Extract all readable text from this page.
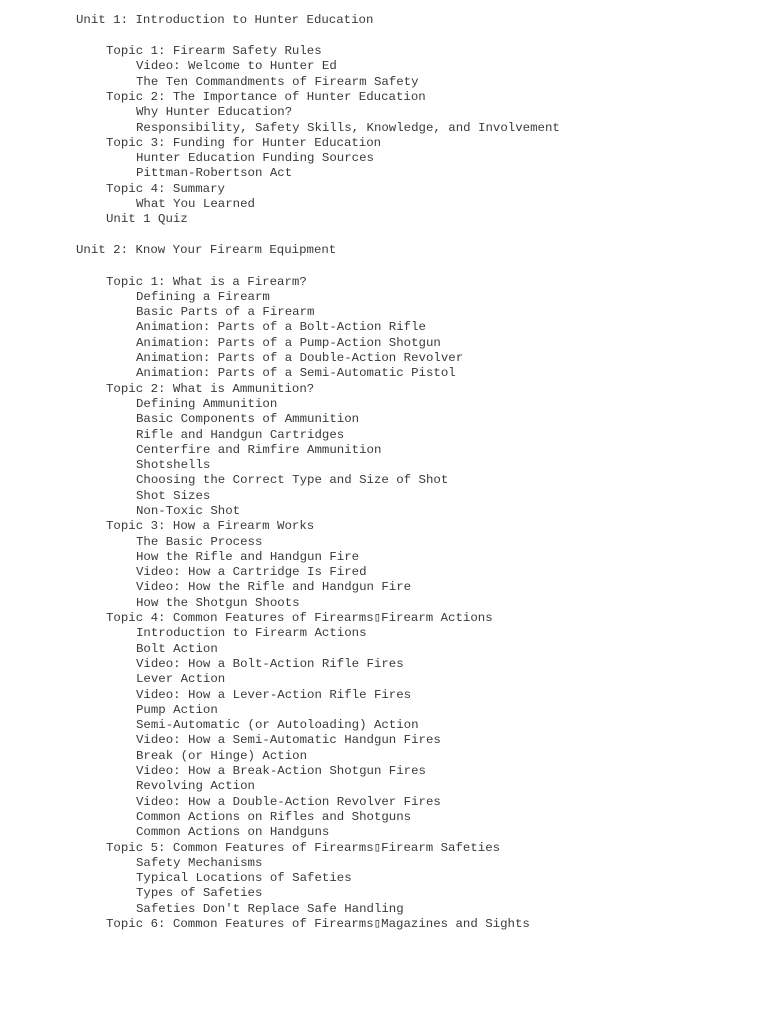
Unit 1: Introduction to Hunter Education
Topic 1: Firearm Safety Rules
Video: Welcome to Hunter Ed
The Ten Commandments of Firearm Safety
Topic 2: The Importance of Hunter Education
Why Hunter Education?
Responsibility, Safety Skills, Knowledge, and Involvement
Topic 3: Funding for Hunter Education
Hunter Education Funding Sources
Pittman-Robertson Act
Topic 4: Summary
What You Learned
Unit 1 Quiz
Unit 2: Know Your Firearm Equipment
Topic 1: What is a Firearm?
Defining a Firearm
Basic Parts of a Firearm
Animation: Parts of a Bolt-Action Rifle
Animation: Parts of a Pump-Action Shotgun
Animation: Parts of a Double-Action Revolver
Animation: Parts of a Semi-Automatic Pistol
Topic 2: What is Ammunition?
Defining Ammunition
Basic Components of Ammunition
Rifle and Handgun Cartridges
Centerfire and Rimfire Ammunition
Shotshells
Choosing the Correct Type and Size of Shot
Shot Sizes
Non-Toxic Shot
Topic 3: How a Firearm Works
The Basic Process
How the Rifle and Handgun Fire
Video: How a Cartridge Is Fired
Video: How the Rifle and Handgun Fire
How the Shotgun Shoots
Topic 4: Common Features of Firearms▯Firearm Actions
Introduction to Firearm Actions
Bolt Action
Video: How a Bolt-Action Rifle Fires
Lever Action
Video: How a Lever-Action Rifle Fires
Pump Action
Semi-Automatic (or Autoloading) Action
Video: How a Semi-Automatic Handgun Fires
Break (or Hinge) Action
Video: How a Break-Action Shotgun Fires
Revolving Action
Video: How a Double-Action Revolver Fires
Common Actions on Rifles and Shotguns
Common Actions on Handguns
Topic 5: Common Features of Firearms▯Firearm Safeties
Safety Mechanisms
Typical Locations of Safeties
Types of Safeties
Safeties Don't Replace Safe Handling
Topic 6: Common Features of Firearms▯Magazines and Sights
